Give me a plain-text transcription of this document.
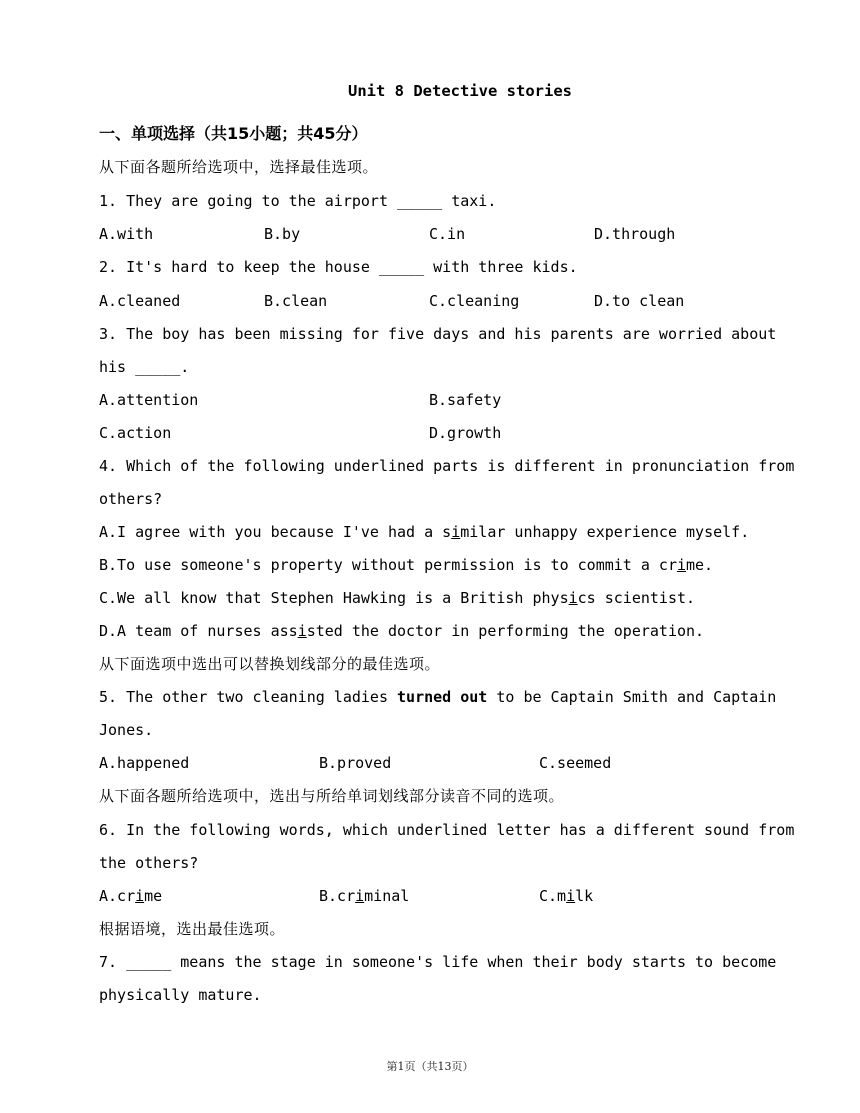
Unit 8 Detective stories
一、单项选择（共15小题；共45分）
从下面各题所给选项中，选择最佳选项。
1. They are going to the airport _____ taxi.
A.with	B.by	C.in	D.through
2. It's hard to keep the house _____ with three kids.
A.cleaned	B.clean	C.cleaning	D.to clean
3. The boy has been missing for five days and his parents are worried about
his _____.
A.attention	B.safety
C.action	D.growth
4. Which of the following underlined parts is different in pronunciation from
others?
A.I agree with you because I've had a similar unhappy experience myself.
B.To use someone's property without permission is to commit a crime.
C.We all know that Stephen Hawking is a British physics scientist.
D.A team of nurses assisted the doctor in performing the operation.
从下面选项中选出可以替换划线部分的最佳选项。
5. The other two cleaning ladies turned out to be Captain Smith and Captain
Jones.
A.happened	B.proved	C.seemed
从下面各题所给选项中，选出与所给单词划线部分读音不同的选项。
6. In the following words, which underlined letter has a different sound from
the others?
A.crime	B.criminal	C.milk
根据语境，选出最佳选项。
7. _____ means the stage in someone's life when their body starts to become
physically mature.
第1页（共13页）
